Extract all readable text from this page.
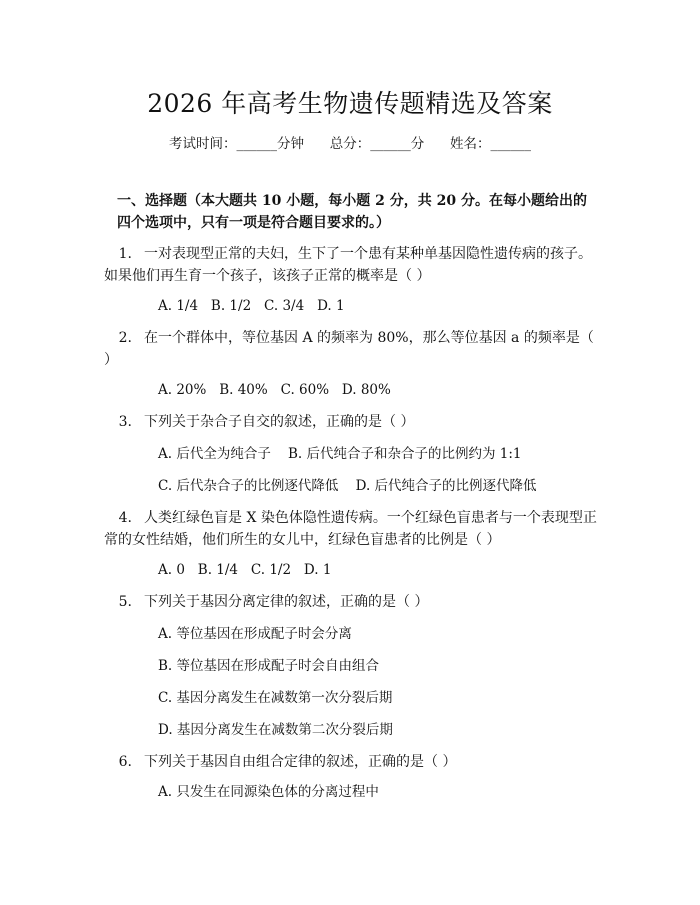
2026 年高考生物遗传题精选及答案
考试时间：______分钟 总分：______分 姓名：______
一、选择题（本大题共 10 小题，每小题 2 分，共 20 分。在每小题给出的四个选项中，只有一项是符合题目要求的。）
1. 一对表现型正常的夫妇，生下了一个患有某种单基因隐性遗传病的孩子。如果他们再生育一个孩子，该孩子正常的概率是（ ）
A. 1/4   B. 1/2   C. 3/4   D. 1
2. 在一个群体中，等位基因 A 的频率为 80%，那么等位基因 a 的频率是（ ）
A. 20%   B. 40%   C. 60%   D. 80%
3. 下列关于杂合子自交的叙述，正确的是（ ）
A. 后代全为纯合子    B. 后代纯合子和杂合子的比例约为 1:1
C. 后代杂合子的比例逐代降低    D. 后代纯合子的比例逐代降低
4. 人类红绿色盲是 X 染色体隐性遗传病。一个红绿色盲患者与一个表现型正常的女性结婚，他们所生的女儿中，红绿色盲患者的比例是（ ）
A. 0   B. 1/4   C. 1/2   D. 1
5. 下列关于基因分离定律的叙述，正确的是（ ）
A. 等位基因在形成配子时会分离
B. 等位基因在形成配子时会自由组合
C. 基因分离发生在减数第一次分裂后期
D. 基因分离发生在减数第二次分裂后期
6. 下列关于基因自由组合定律的叙述，正确的是（ ）
A. 只发生在同源染色体的分离过程中
